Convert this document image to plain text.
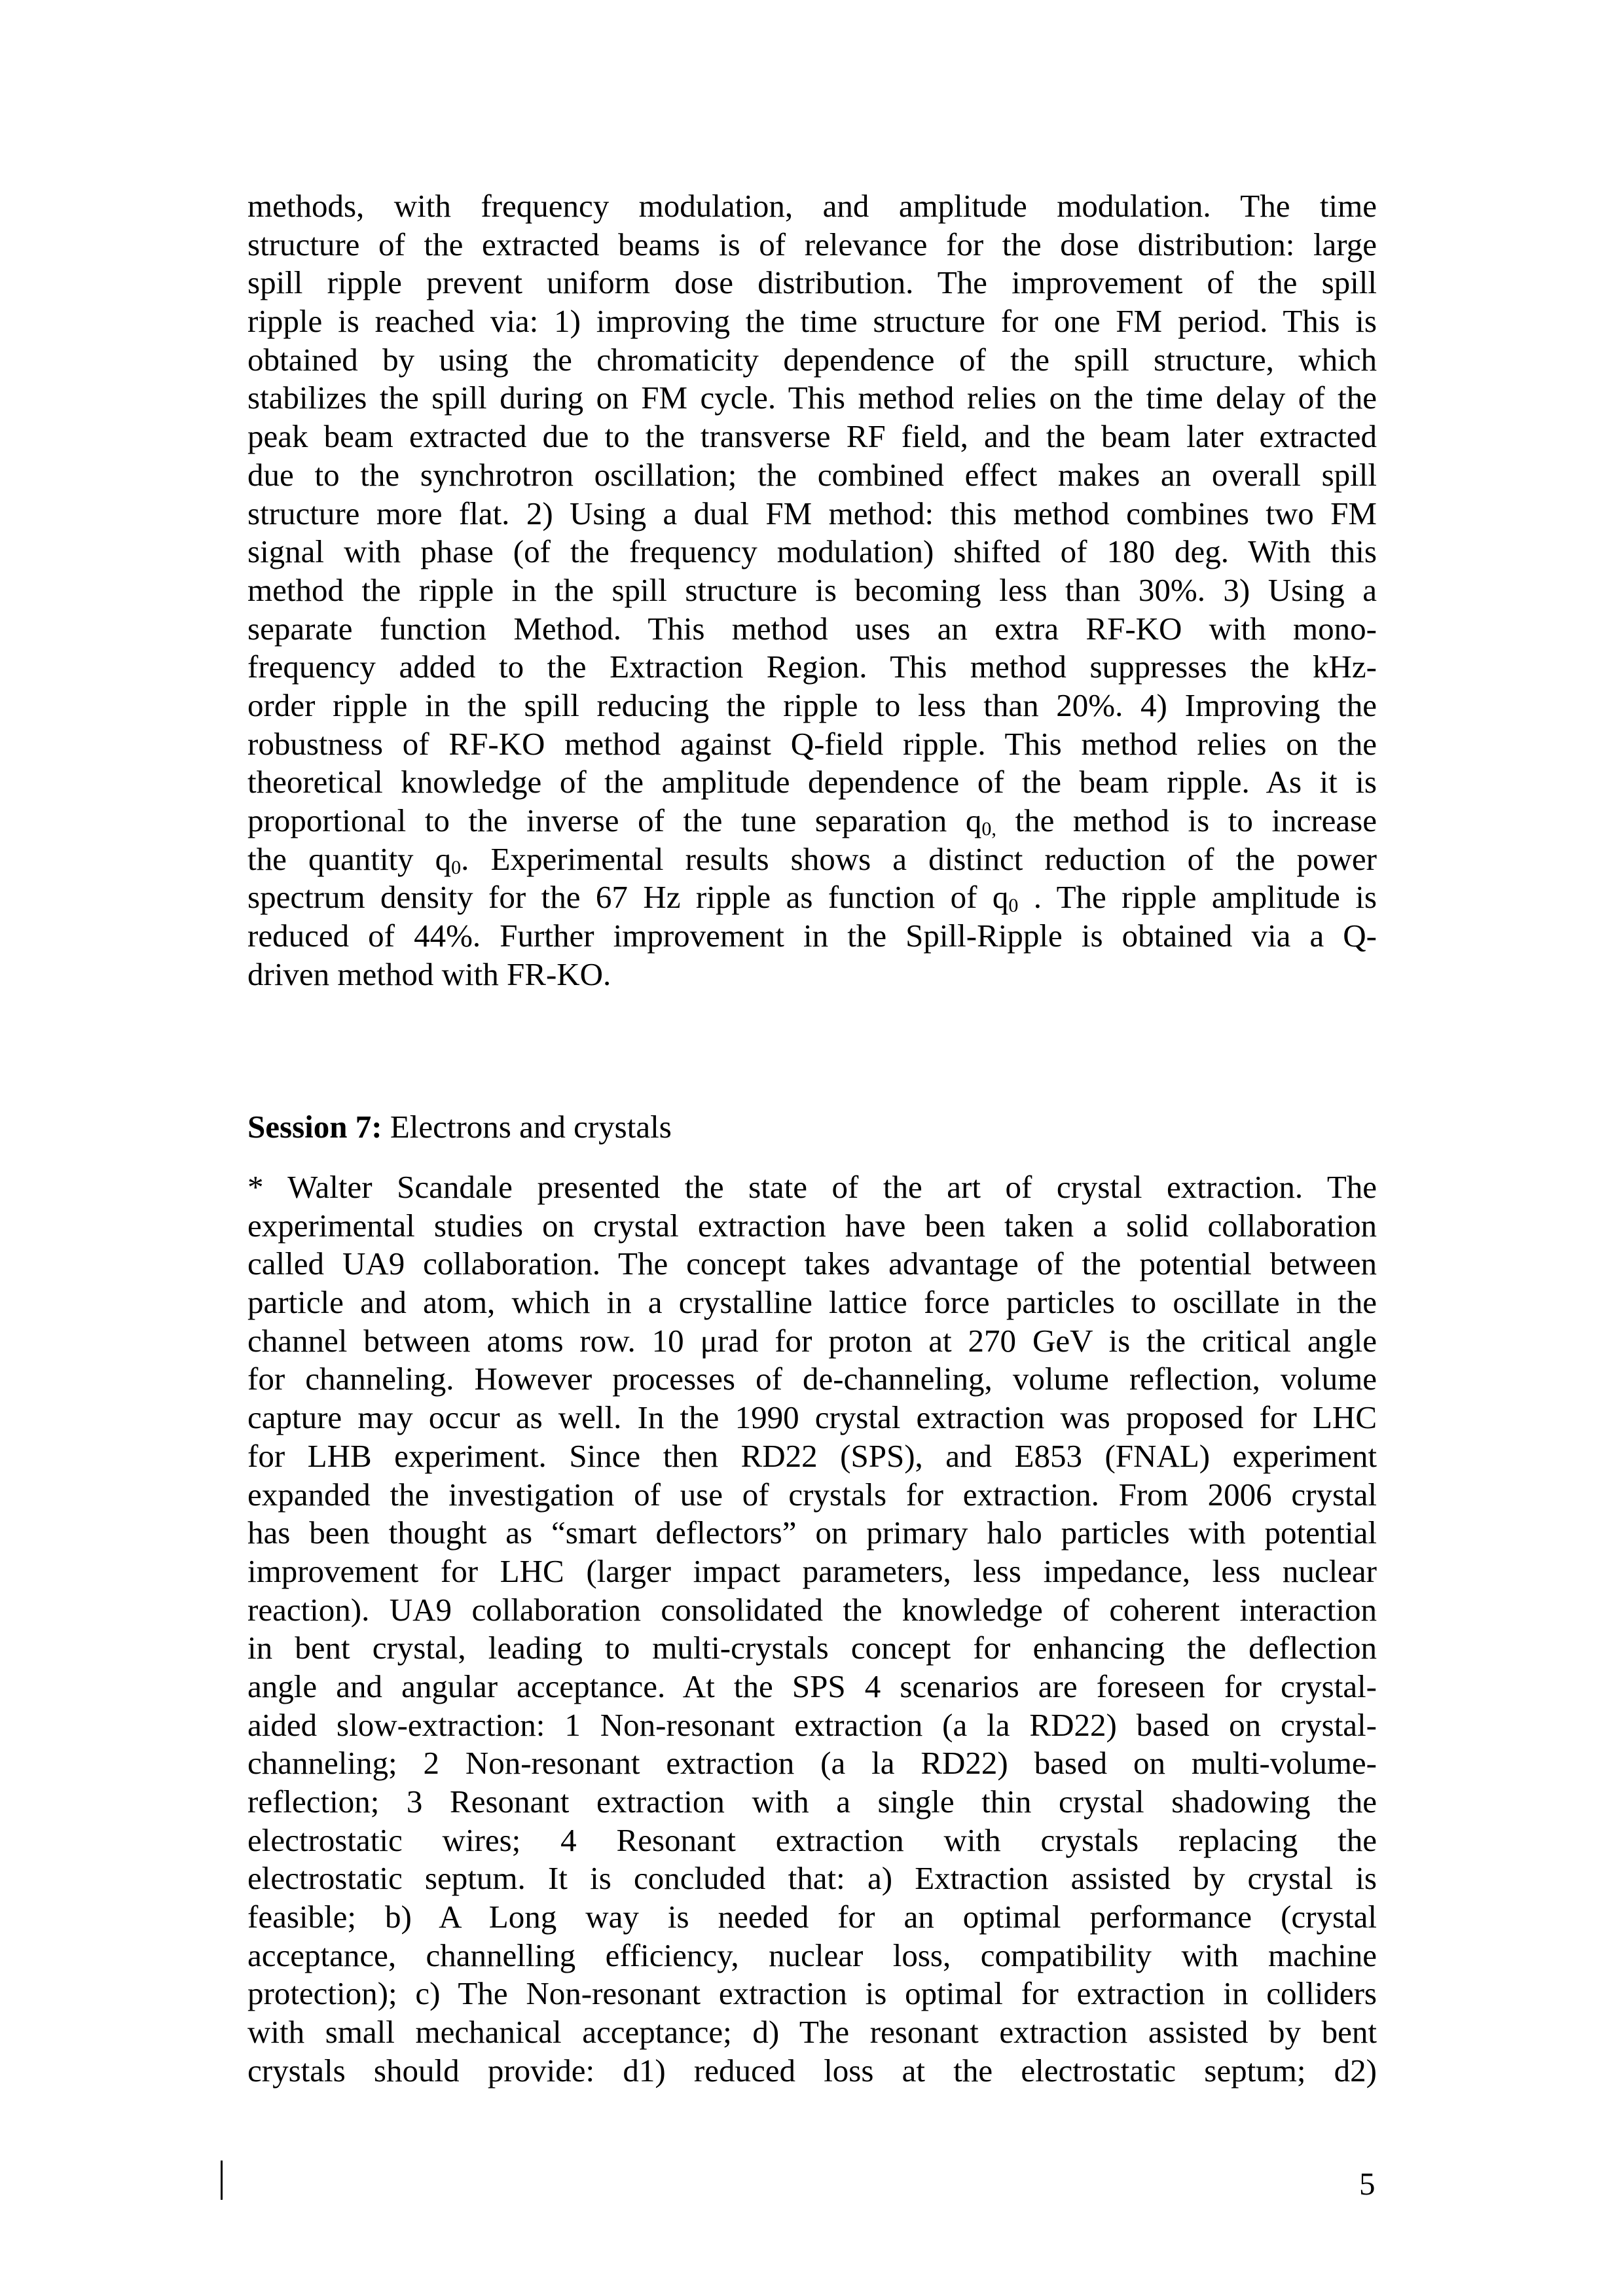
methods, with frequency modulation, and amplitude modulation. The time
structure of the extracted beams is of relevance for the dose distribution: large
spill ripple prevent uniform dose distribution. The improvement of the spill
ripple is reached via: 1) improving the time structure for one FM period. This is
obtained by using the chromaticity dependence of the spill structure, which
stabilizes the spill during on FM cycle. This method relies on the time delay of the
peak beam extracted due to the transverse RF field, and the beam later extracted
due to the synchrotron oscillation; the combined effect makes an overall spill
structure more flat. 2) Using a dual FM method: this method combines two FM
signal with phase (of the frequency modulation) shifted of 180 deg. With this
method the ripple in the spill structure is becoming less than 30%. 3) Using a
separate function Method. This method uses an extra RF-KO with mono-
frequency added to the Extraction Region. This method suppresses the kHz-
order ripple in the spill reducing the ripple to less than 20%. 4) Improving the
robustness of RF-KO method against Q-field ripple. This method relies on the
theoretical knowledge of the amplitude dependence of the beam ripple. As it is
proportional to the inverse of the tune separation $q_{0,}$ the method is to increase
the quantity $q_0$. Experimental results shows a distinct reduction of the power
spectrum density for the 67 Hz ripple as function of $q_0$ . The ripple amplitude is
reduced of 44%. Further improvement in the Spill-Ripple is obtained via a Q-
driven method with FR-KO.
Session 7: Electrons and crystals
* Walter Scandale presented the state of the art of crystal extraction. The
experimental studies on crystal extraction have been taken a solid collaboration
called UA9 collaboration. The concept takes advantage of the potential between
particle and atom, which in a crystalline lattice force particles to oscillate in the
channel between atoms row. 10 μrad for proton at 270 GeV is the critical angle
for channeling. However processes of de-channeling, volume reflection, volume
capture may occur as well. In the 1990 crystal extraction was proposed for LHC
for LHB experiment. Since then RD22 (SPS), and E853 (FNAL) experiment
expanded the investigation of use of crystals for extraction. From 2006 crystal
has been thought as “smart deflectors” on primary halo particles with potential
improvement for LHC (larger impact parameters, less impedance, less nuclear
reaction). UA9 collaboration consolidated the knowledge of coherent interaction
in bent crystal, leading to multi-crystals concept for enhancing the deflection
angle and angular acceptance. At the SPS 4 scenarios are foreseen for crystal-
aided slow-extraction: 1 Non-resonant extraction (a la RD22) based on crystal-
channeling; 2 Non-resonant extraction (a la RD22) based on multi-volume-
reflection; 3 Resonant extraction with a single thin crystal shadowing the
electrostatic wires; 4 Resonant extraction with crystals replacing the
electrostatic septum. It is concluded that: a) Extraction assisted by crystal is
feasible; b) A Long way is needed for an optimal performance (crystal
acceptance, channelling efficiency, nuclear loss, compatibility with machine
protection); c) The Non-resonant extraction is optimal for extraction in colliders
with small mechanical acceptance; d) The resonant extraction assisted by bent
crystals should provide: d1) reduced loss at the electrostatic septum; d2)
5
